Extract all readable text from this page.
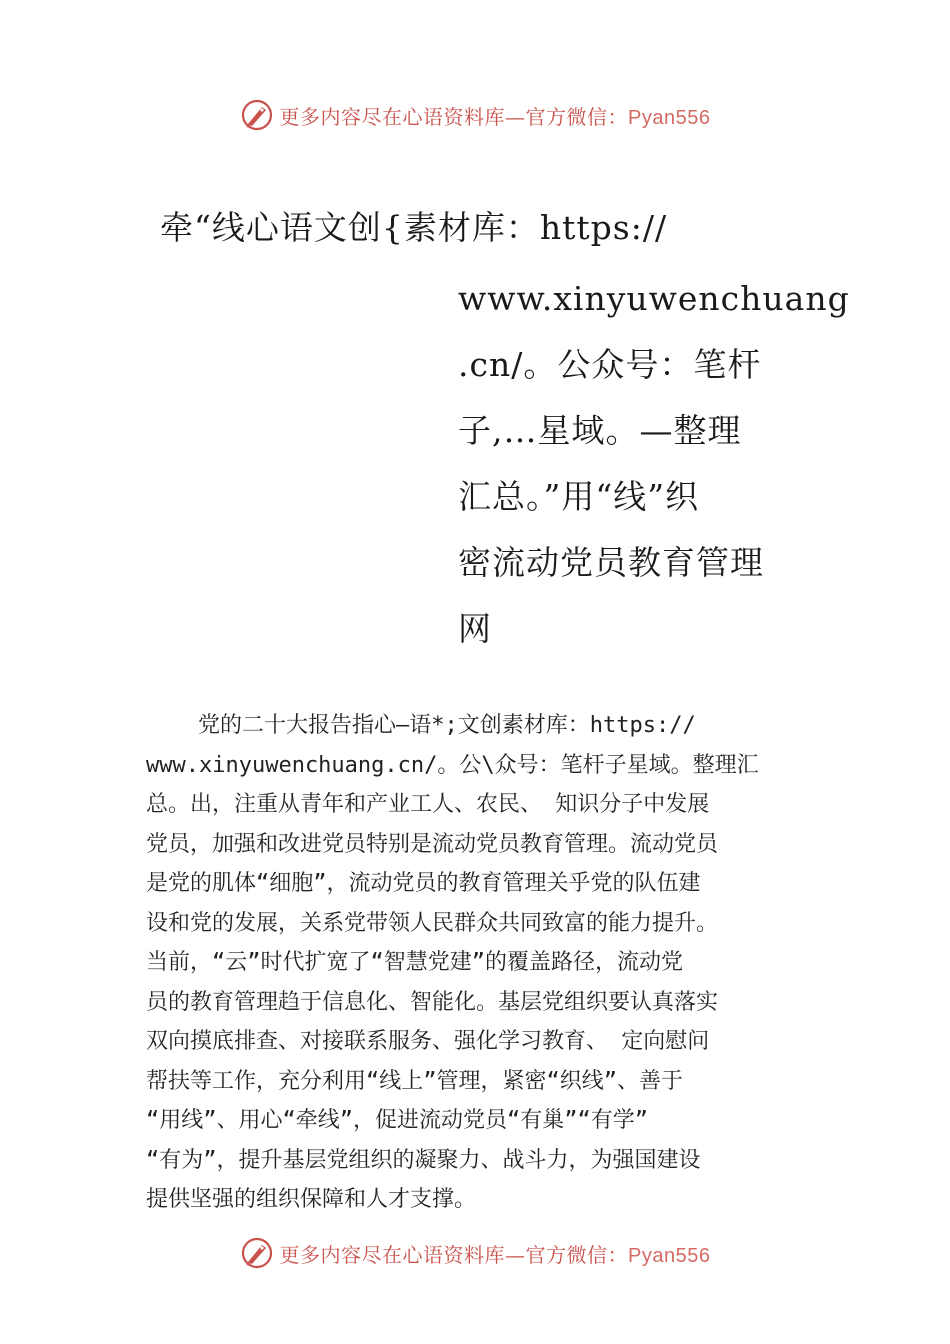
更多内容尽在心语资料库—官方微信：Pyan556
牵“线心语文创{素材库：https://
www.xinyuwenchuang
.cn/。公众号：笔杆
子,…星域。—整理
汇总。”用“线”织
密流动党员教育管理
网
党的二十大报告指心—语*;文创素材库：https://
www.xinyuwenchuang.cn/。公\众号：笔杆子星域。整理汇
总。出，注重从青年和产业工人、农民、 知识分子中发展
党员，加强和改进党员特别是流动党员教育管理。流动党员
是党的肌体“细胞”，流动党员的教育管理关乎党的队伍建
设和党的发展，关系党带领人民群众共同致富的能力提升。
当前，“云”时代扩宽了“智慧党建”的覆盖路径，流动党
员的教育管理趋于信息化、智能化。基层党组织要认真落实
双向摸底排查、对接联系服务、强化学习教育、 定向慰问
帮扶等工作，充分利用“线上”管理，紧密“织线”、善于
“用线”、用心“牵线”，促进流动党员“有巢”“有学”
“有为”，提升基层党组织的凝聚力、战斗力，为强国建设
提供坚强的组织保障和人才支撑。
更多内容尽在心语资料库—官方微信：Pyan556
